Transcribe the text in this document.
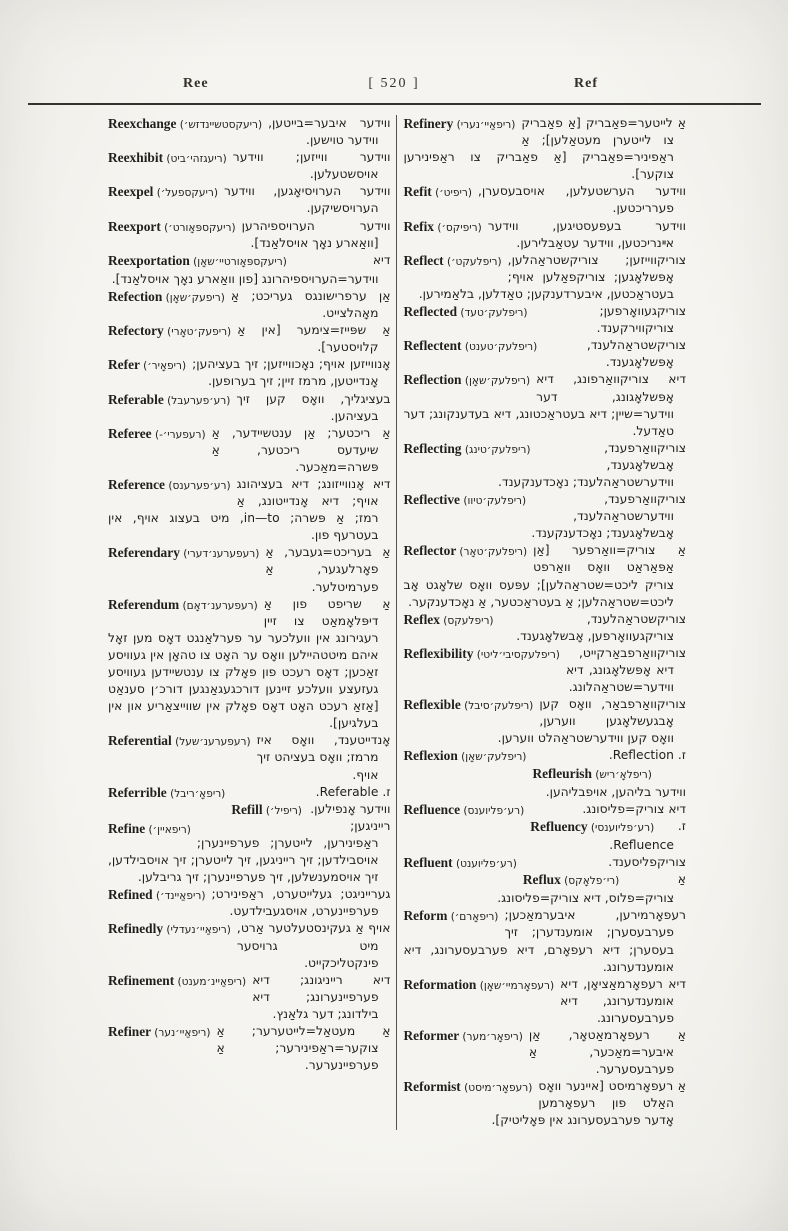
Ree	[ 520 ]	Ref

Reexchange (ריעקסטשיינדזש׳) ווידער איבער=בייטען, ווידער טוישען.

Reexhibit (ריעגזהי׳ביט) ווידער ווייזען; ווידער אויסשטעלען.

Reexpel (ריעקספעל׳) ווידער הערויסיאָגען, ווידער הערויסשיקען.

Reexport (ריעקספּאָורט׳) ווידער הערויספיהרען [וואַארע נאָך אויסלאַנד].

Reexportation (ריעקספּאָורטיי׳שאָן)	דיא ווידער=הערויספיהרונג [פון וואַארע נאָך אויסלאַנד].

Refection (ריפעק׳שאָן) אַן ערפרישונגס געריכט; אַ מאָהלצייט.

Refectory (ריפעק׳טאָרי) אַ שפּייז=צימער [אין אַ קלויסטער].

Refer (ריפאָיר׳) אָנווייזען אויף; נאָכווייזען; זיך בעציהען; אָנדייטען, מרמז זיין; זיך בערופען.

Referable (רע׳פערעבל) בעציגליך, וואָס קען זיך בעציהען.

Referee (רעפערי׳-) אַ ריכטער; אַן ענטשיידער, אַ שיעדעס ריכטער, אַ פּשרה=מאַכער.

Reference (רע׳פערענס) דיא אָנווייזונג; דיא בעציהונג אויף; דיא אָנדייטונג, אַ רמז; אַ פּשרה; in—to, מיט בעצוג אויף, אין בעטרעף פון.

Referendary (רעפערענ׳דערי) אַ בעריכט=געבער, אַ פאָרלעגער, אַ פערמיטלער.

Referendum (רעפערענ׳דאָם) אַ שריפט פון אַ דיפּלאָמאַט צו זיין רעגירונג אין וועלכער ער פערלאַנגט דאָס מען זאָל איהם מיטטהיילען וואָס ער האָט צו טהאָן אין געוויסע זאַכען; דאָס רעכט פון פאָלק צו ענטשיידען געוויסע געזעצע וועלכע זיינען דורכגעגאַנגען דורכ׳ן סענאַט [אַזאַ רעכט האָט דאָס פאָלק אין שווייצאַריע און אין בעלגיען].

Referential (רעפערענ׳שעל) אָנדייטענד, וואָס איז מרמז; וואָס בעציהט זיך אויף.

Referrible (ריפאָ׳ריבל)	ז. Referable.

Refill (ריפיל׳) ווידער אָנפילען.

Refine (ריפאיין׳)	רייניגען; ראַפינירען, לייטערן; פערפיינערן; אויסבילדען; זיך רייניגען, זיך לייטערן; זיך אויסבילדען, זיך אויסמענשלען, זיך פערפיינערן; זיך גריבלען.

Refined (ריפאַיינד׳) גערייניגט; געלייטערט, ראַפינירט; פערפיינערט, אויסגעבילדעט.

Refinedly (ריפאַיי׳נעדלי) אויף אַ געקינסטעלטער אַרט, מיט גרויסער פינקטליכקייט.

Refinement (ריפאַיינ׳מענט) דיא רייניגונג; דיא פערפיינערונג; דיא בילדונג; דער גלאַנץ.

Refiner (ריפאַיי׳נער) אַ מעטאַל=לייטערער; אַ צוקער=ראַפינירער; אַ פערפיינערער.

Refinery (ריפאַיי׳נערי) אַ לייטער=פאַבריק [אַ פאַבריק צו לייטערן מעטאַלען]; אַ ראַפיניר=פאַבריק [אַ פאַבריק צו ראַפינירען צוקער].

Refit (ריפיט׳) ווידער הערשטעלען, אויסבעסערן, פערריכטען.

Refix (ריפיקס׳) ווידער בעפעסטיגען, ווידער אײנריכטען, ווידער עטאַבלירען.

Reflect (ריפלעקט׳) צוריקווייזען; צוריקשטראַהלען, אָפּשלאָגען; צוריקפאַלען אויף; בעטראַכטען, איבערדענקען; טאַדלען, בלאַמירען.

Reflected (ריפלעק׳טעד)	צוריקגעוואָרפען; צוריקווירקענד.

Reflectent (ריפלעק׳טענט)	צוריקשטראַהלענד, אָפּשלאָגענד.

Reflection (ריפלעק׳שאָן) דיא צוריקוואַרפונג, דיא אָפּשלאָגונג, דער ווידער=שיין; דיא בעטראַכטונג, דיא בעדענקונג; דער טאַדעל.

Reflecting (ריפלעק׳טינג)	צוריקוואַרפענד, אָבשלאָגענד, ווידערשטראַהלענד; נאָכדענקענד.

Reflective (ריפלעק׳טיוו)	צוריקוואַרפענד, ווידערשטראַהלענד, אָבשלאָגענד; נאָכדענקענד.

Reflector (ריפלעק׳טאָר) אַ צוריק=וואַרפער [אַן אַפּאַראַט וואָס וואַרפט צוריק ליכט=שטראַהלען]; עפּעס וואָס שלאָגט אָב ליכט=שטראַהלען; אַ בעטראַכטער, אַ נאָכדענקער.

Reflex (ריפלעקס)	צוריקשטראַהלענד, צוריקגעוואָרפען, אָבשלאָגענד.

Reflexibility (ריפלעקסיבי׳ליטי) צוריקוואַרפבאַרקייט, דיא אָפּשלאָגונג, דיא ווידער=שטראַהלונג.

Reflexible (ריפלעק׳סיבל) צוריקוואַרפבאַר, וואָס קען אָבגעשלאָגען ווערען, וואָס קען ווידערשטראַהלט ווערען.

Reflexion (ריפלעק׳שאָן)	ז. Reflection.

Refleurish (ריפלאָ׳ריש)
ווידער בליהען, אויפבליהען.

Refluence (רע׳פליוענס)	דיא צוריק=פליסונג.

Refluency (רע׳פליוענסי) ז. Refluence.

Refluent (רע׳פליוענט)	צוריקפליסענד.

Reflux (רי׳פלאָקס)	אַ צוריק=פלוס, דיא צוריק=פליסונג.

Reform (ריפאָרם׳) רעפאָרמירען, איבערמאַכען; פערבעסערן; אומענדערן; זיך בעסערן; דיא רעפאָרם, דיא פערבעסערונג, דיא אומענדערונג.

Reformation (רעפאָרמיי׳שאָן) דיא רעפאָרמאַציאָן, דיא אומענדערונג, דיא פערבעסערונג.

Reformer (ריפאָר׳מער) אַ רעפאָרמאַטאָר, אַן איבער=מאַכער, אַ פערבעסערער.

Reformist (רעפאָר׳מיסט) אַ רעפאָרמיסט [איינער וואָס האַלט פון רעפאָרמען אָדער פערבעסערונג אין פּאָליטיק].
